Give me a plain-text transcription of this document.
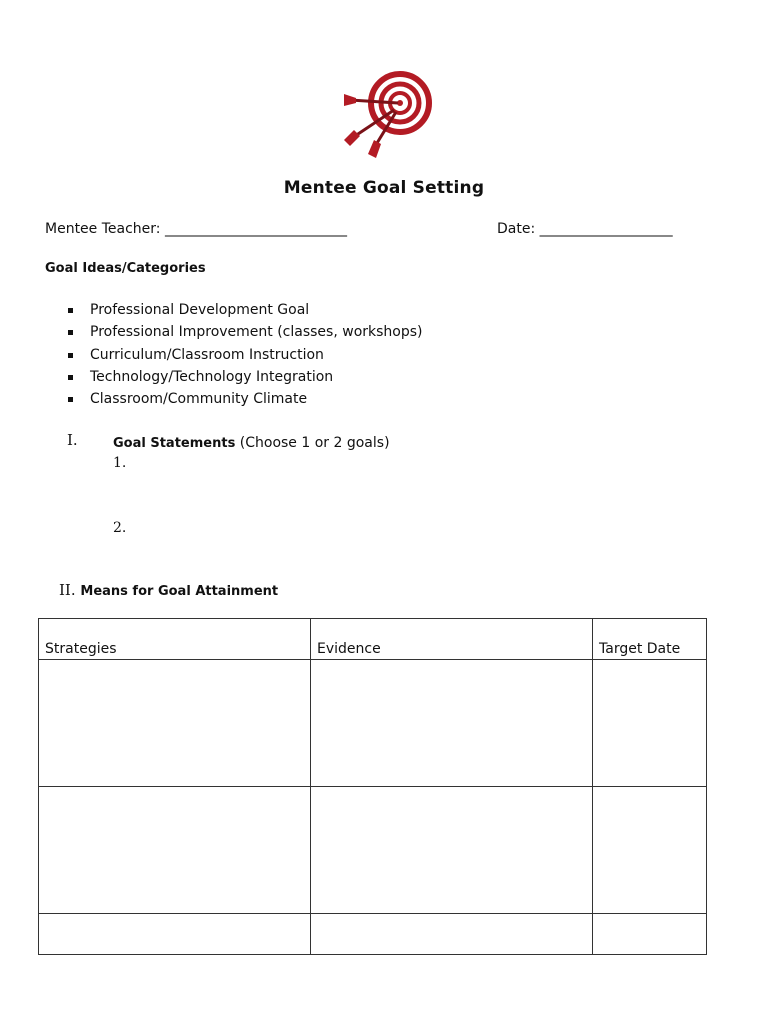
Mentee Goal Setting
Mentee Teacher: __________________________	Date: ___________________
Goal Ideas/Categories
Professional Development Goal
Professional Improvement (classes, workshops)
Curriculum/Classroom Instruction
Technology/Technology Integration
Classroom/Community Climate
I.	Goal Statements (Choose 1 or 2 goals)
1.
2.
II. Means for Goal Attainment
Strategies	Evidence	Target Date
